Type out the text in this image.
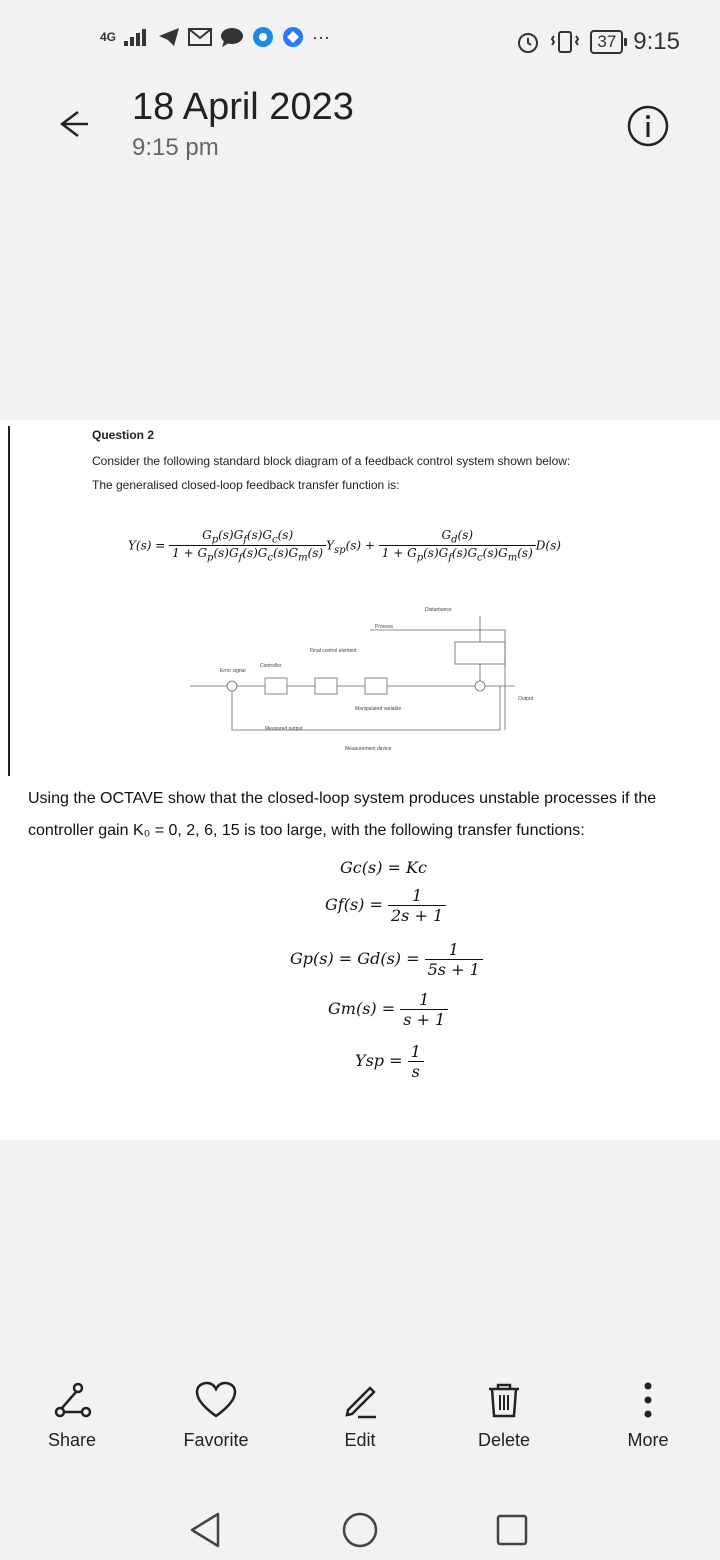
4G	···	37 9:15
18 April 2023
9:15 pm
Question 2
Consider the following standard block diagram of a feedback control system shown below:
The generalised closed-loop feedback transfer function is:
$Y(s) = \frac{G_p(s)G_f(s)G_c(s)}{1 + G_p(s)G_f(s)G_c(s)G_m(s)} Y_{sp}(s) + \frac{G_d(s)}{1 + G_p(s)G_f(s)G_c(s)G_m(s)} D(s)$
Disturbance
Process
Final control element
Controller
Error signal
Manipulated variable
Measured output
Measurement device
Output
Using the OCTAVE show that the closed-loop system produces unstable processes if the
controller gain K₀ = 0, 2, 6, 15 is too large, with the following transfer functions:
Gc(s) = Kc
$Gf(s) = \frac{1}{2s + 1}$
$Gp(s) = Gd(s) = \frac{1}{5s + 1}$
$Gm(s) = \frac{1}{s + 1}$
Ysp = $\frac{1}{s}$
Share	Favorite	Edit	Delete	More
